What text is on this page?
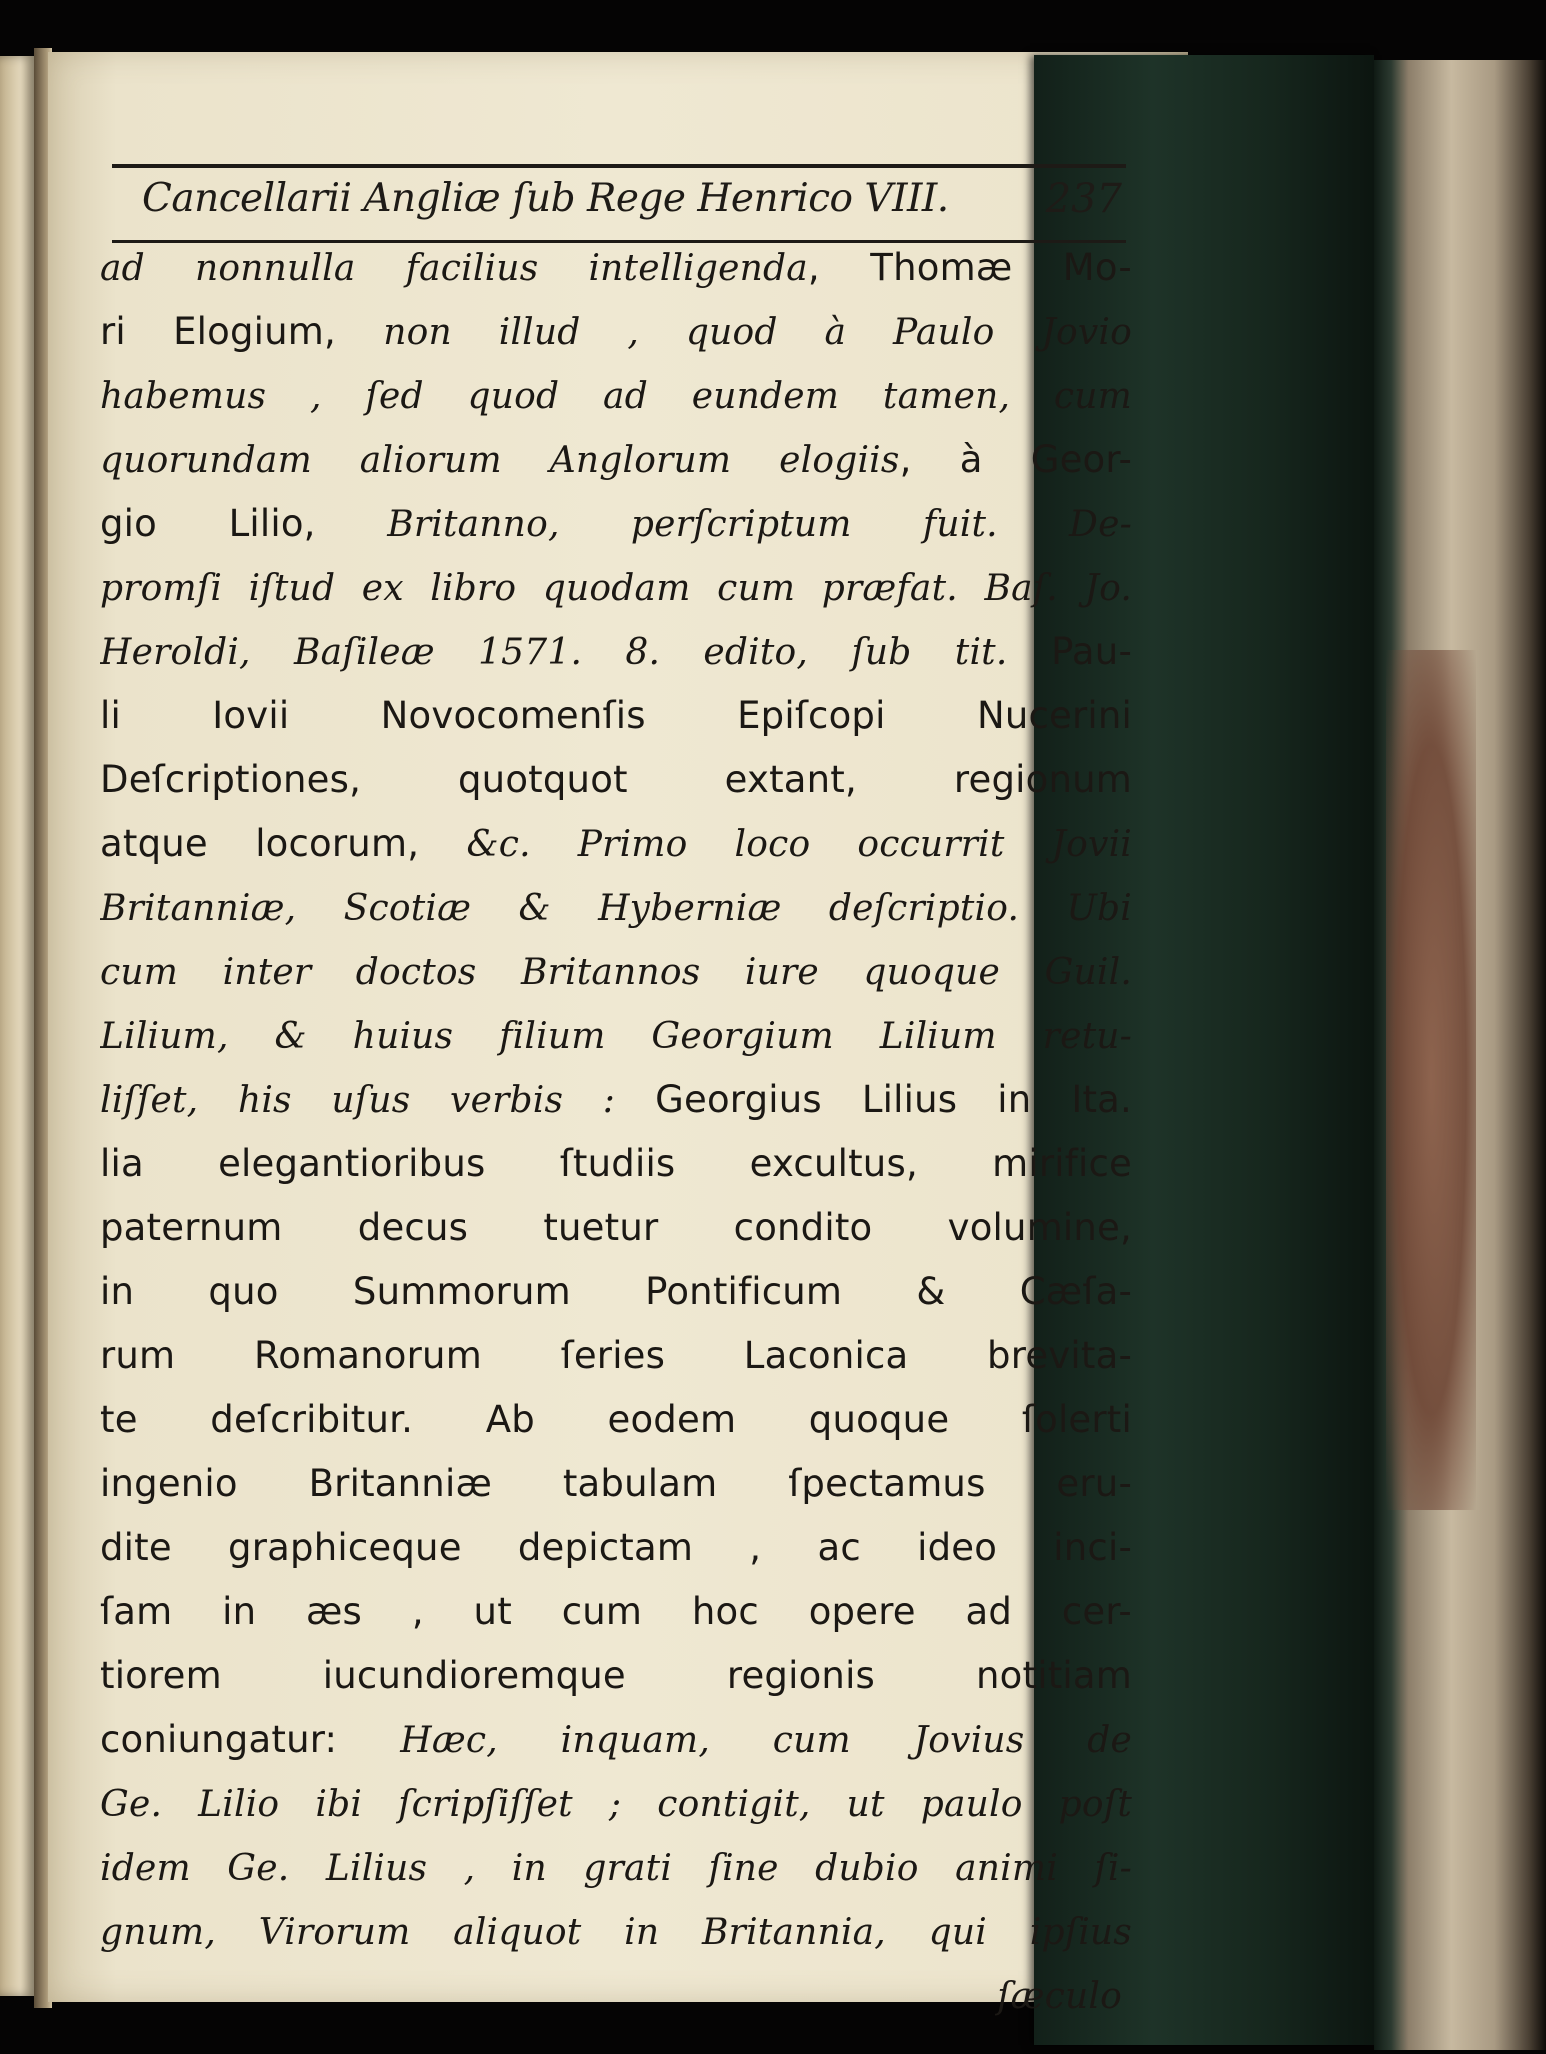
Cancellarii Angliæ ſub Rege Henrico VIII. 237
ad nonnulla facilius intelligenda, Thomæ Mo-
ri Elogium, non illud , quod à Paulo Jovio
habemus , ſed quod ad eundem tamen, cum
quorundam aliorum Anglorum elogiis, à Geor-
gio Lilio, Britanno, perſcriptum fuit. De-
promſi iſtud ex libro quodam cum præfat. Baſ. Jo.
Heroldi, Baſileæ 1571. 8. edito, ſub tit. Pau-
li Iovii Novocomenſis Epiſcopi Nucerini
Deſcriptiones, quotquot extant, regionum
atque locorum, &c. Primo loco occurrit Jovii
Britanniæ, Scotiæ & Hyberniæ deſcriptio. Ubi
cum inter doctos Britannos iure quoque Guil.
Lilium, & huius filium Georgium Lilium retu-
liſſet, his uſus verbis : Georgius Lilius in Ita.
lia elegantioribus ſtudiis excultus, mirifice
paternum decus tuetur condito volumine,
in quo Summorum Pontificum & Cæſa-
rum Romanorum ſeries Laconica brevita-
te deſcribitur. Ab eodem quoque ſolerti
ingenio Britanniæ tabulam ſpectamus eru-
dite graphiceque depictam , ac ideo inci-
ſam in æs , ut cum hoc opere ad cer-
tiorem iucundioremque regionis notitiam
coniungatur: Hæc, inquam, cum Jovius de
Ge. Lilio ibi ſcripſiſſet ; contigit, ut paulo poſt
idem Ge. Lilius , in grati ſine dubio animi ſi-
gnum, Virorum aliquot in Britannia, qui ipſius
ſæculo
